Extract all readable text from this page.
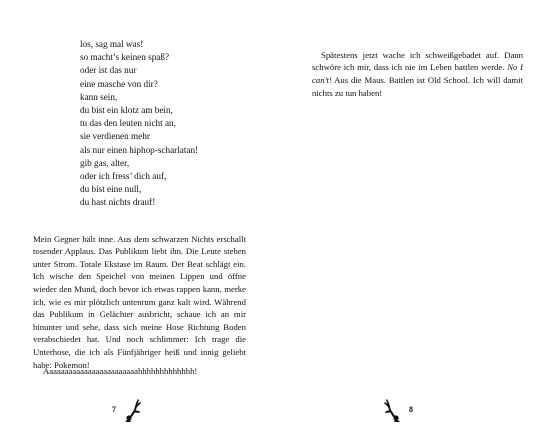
los, sag mal was!
so macht’s keinen spaß?
oder ist das nur
eine masche von dir?
kann sein,
du bist ein klotz am bein,
tu das den leuten nicht an,
sie verdienen mehr
als nur einen hiphop-scharlatan!
gib gas, alter,
oder ich fress’ dich auf,
du bist eine null,
du hast nichts drauf!

Mein Gegner hält inne. Aus dem schwarzen Nichts erschallt tosender Applaus. Das Publikum liebt ihn. Die Leute stehen unter Strom. Totale Ekstase im Raum. Der Beat schlägt ein. Ich wische den Speichel von meinen Lippen und öffne wieder den Mund, doch bevor ich etwas rappen kann, merke ich, wie es mir plötzlich untenrum ganz kalt wird. Während das Publikum in Gelächter ausbricht, schaue ich an mir hinunter und sehe, dass sich meine Hose Richtung Boden verabschiedet hat. Und noch schlimmer: Ich trage die Unterhose, die ich als Fünfjähriger heiß und innig geliebt habe: Pokemon!

Aaaaaaaaaaaaaaaaaaaaaaaahhhhhhhhhhhhh!
7

Spätestens jetzt wache ich schweißgebadet auf. Dann schwöre ich mir, dass ich nie im Leben battlen werde. No I can’t! Aus die Maus. Battlen ist Old School. Ich will damit nichts zu tun haben!

8
